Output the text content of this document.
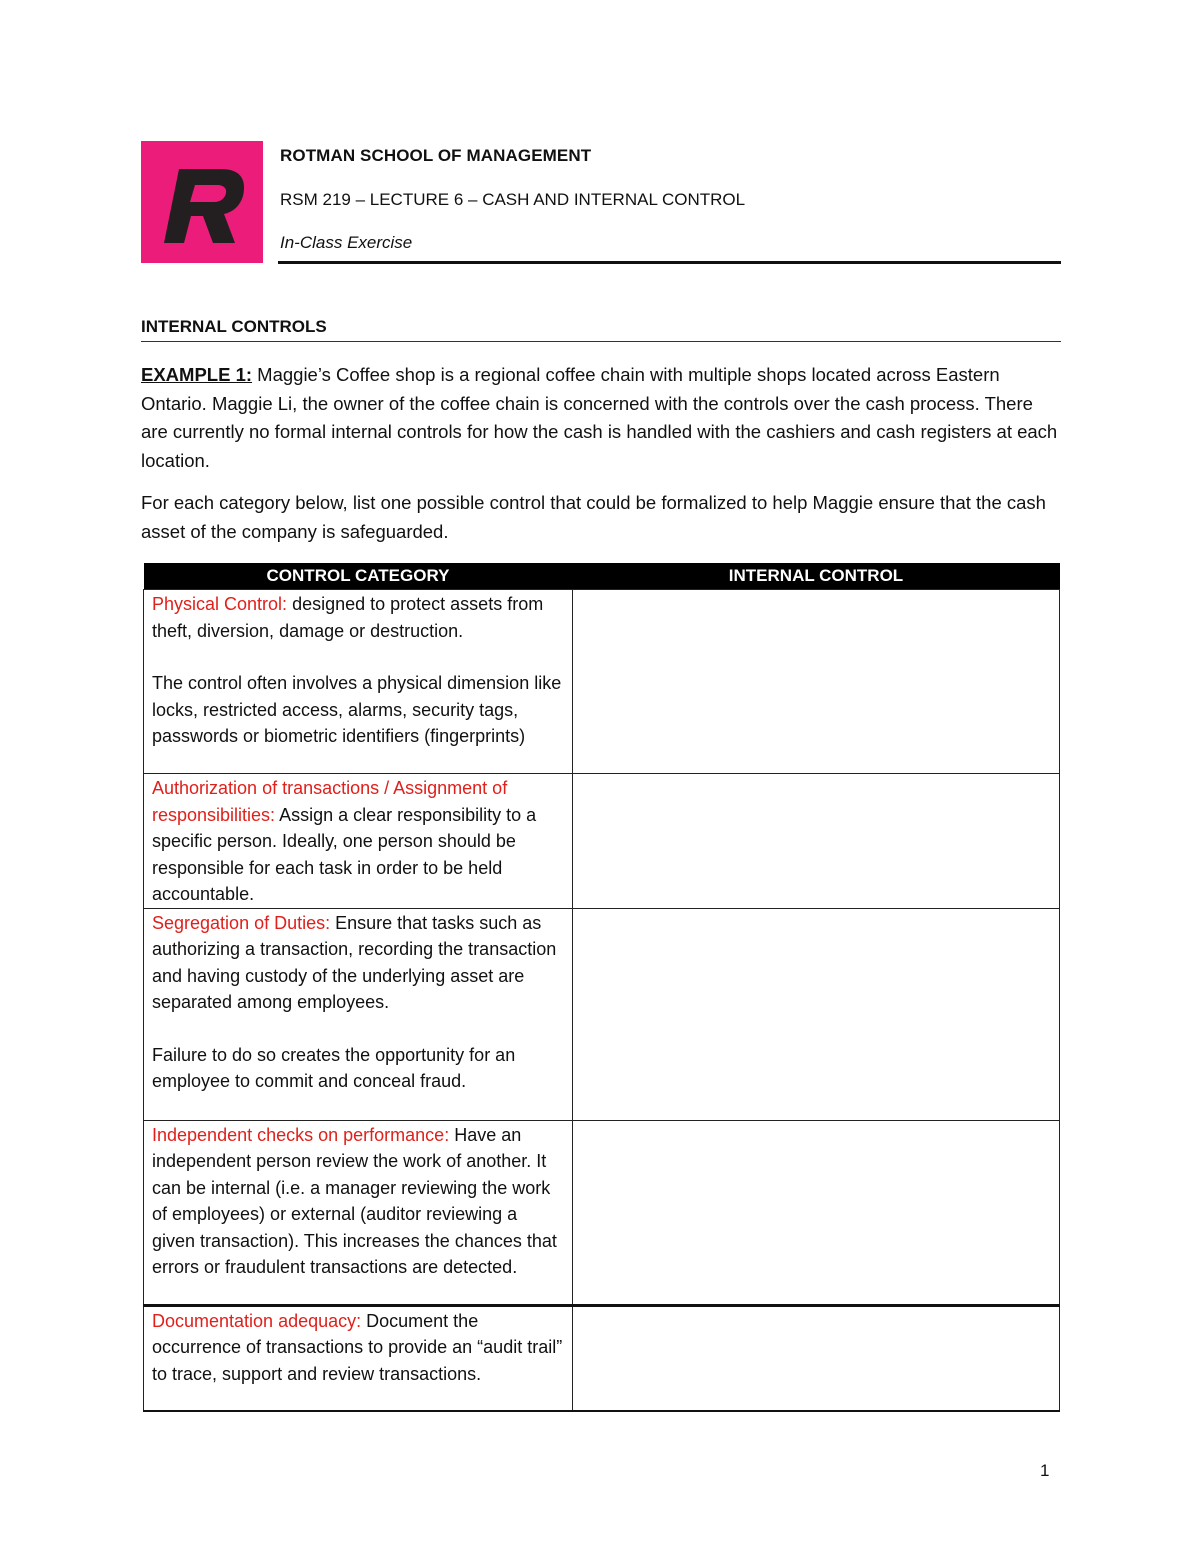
ROTMAN SCHOOL OF MANAGEMENT
RSM 219 – LECTURE 6 – CASH AND INTERNAL CONTROL
In-Class Exercise
INTERNAL CONTROLS

EXAMPLE 1: Maggie’s Coffee shop is a regional coffee chain with multiple shops located across Eastern Ontario. Maggie Li, the owner of the coffee chain is concerned with the controls over the cash process. There are currently no formal internal controls for how the cash is handled with the cashiers and cash registers at each location.

For each category below, list one possible control that could be formalized to help Maggie ensure that the cash asset of the company is safeguarded.

CONTROL CATEGORY	INTERNAL CONTROL
Physical Control: designed to protect assets from theft, diversion, damage or destruction.
The control often involves a physical dimension like locks, restricted access, alarms, security tags, passwords or biometric identifiers (fingerprints)	

Authorization of transactions / Assignment of responsibilities: Assign a clear responsibility to a specific person. Ideally, one person should be responsible for each task in order to be held accountable.	
Segregation of Duties: Ensure that tasks such as authorizing a transaction, recording the transaction and having custody of the underlying asset are separated among employees.
Failure to do so creates the opportunity for an employee to commit and conceal fraud.	

Independent checks on performance: Have an independent person review the work of another. It can be internal (i.e. a manager reviewing the work of employees) or external (auditor reviewing a given transaction). This increases the chances that errors or fraudulent transactions are detected.	
Documentation adequacy: Document the occurrence of transactions to provide an “audit trail” to trace, support and review transactions.	
1
